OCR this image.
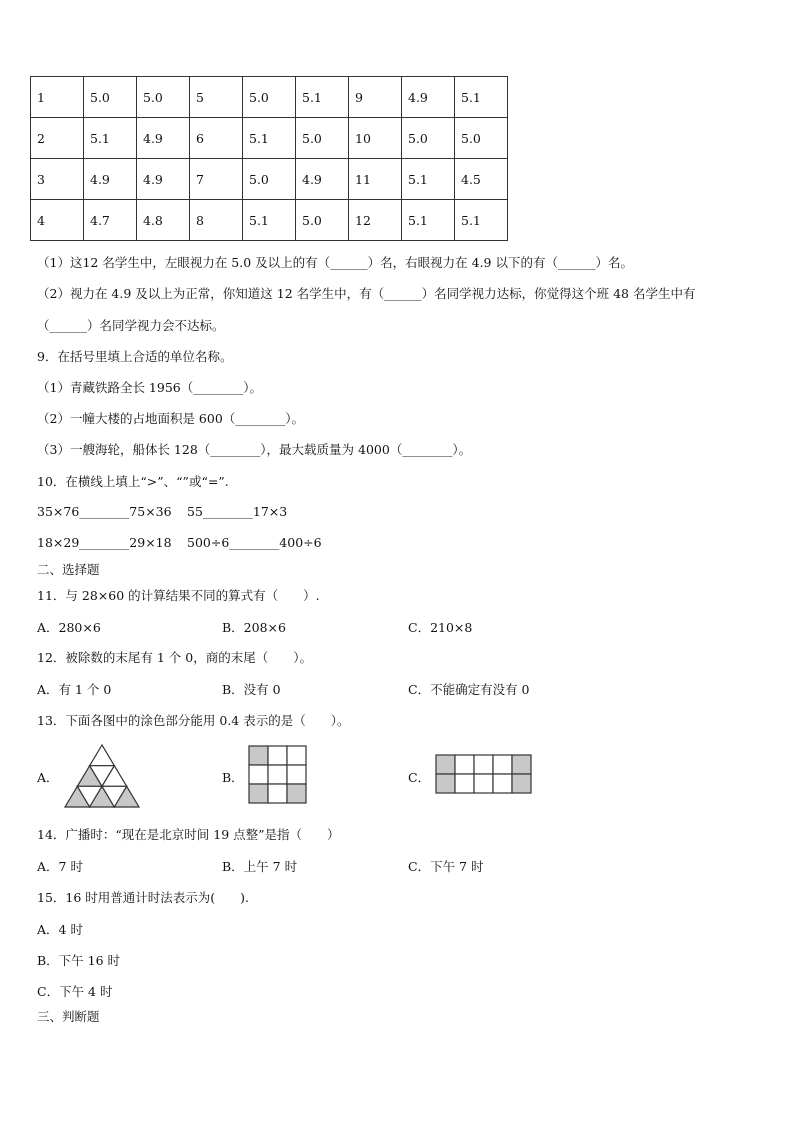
1	5.0	5.0	5	5.0	5.1	9	4.9	5.1
2	5.1	4.9	6	5.1	5.0	10	5.0	5.0
3	4.9	4.9	7	5.0	4.9	11	5.1	4.5
4	4.7	4.8	8	5.1	5.0	12	5.1	5.1
（1）这12 名学生中，左眼视力在 5.0 及以上的有（______）名，右眼视力在 4.9 以下的有（______）名。
（2）视力在 4.9 及以上为正常，你知道这 12 名学生中，有（______）名同学视力达标，你觉得这个班 48 名学生中有
（______）名同学视力会不达标。
9．在括号里填上合适的单位名称。
（1）青藏铁路全长 1956（________）。
（2）一幢大楼的占地面积是 600（________）。
（3）一艘海轮，船体长 128（________），最大载质量为 4000（________）。
10．在横线上填上“>”、“”或“=”.
35×76________75×36 55________17×3
18×29________29×18 500÷6________400÷6
二、选择题
11．与 28×60 的计算结果不同的算式有（　　）.
A．280×6	B．208×6	C．210×8
12．被除数的末尾有 1 个 0，商的末尾（　　）。
A．有 1 个 0	B．没有 0	C．不能确定有没有 0
13．下面各图中的涂色部分能用 0.4 表示的是（　　）。
A．	B．	C．
14．广播时：“现在是北京时间 19 点整”是指（　　）
A．7 时	B．上午 7 时	C．下午 7 时
15．16 时用普通计时法表示为(　　).
A．4 时
B．下午 16 时
C．下午 4 时
三、判断题
